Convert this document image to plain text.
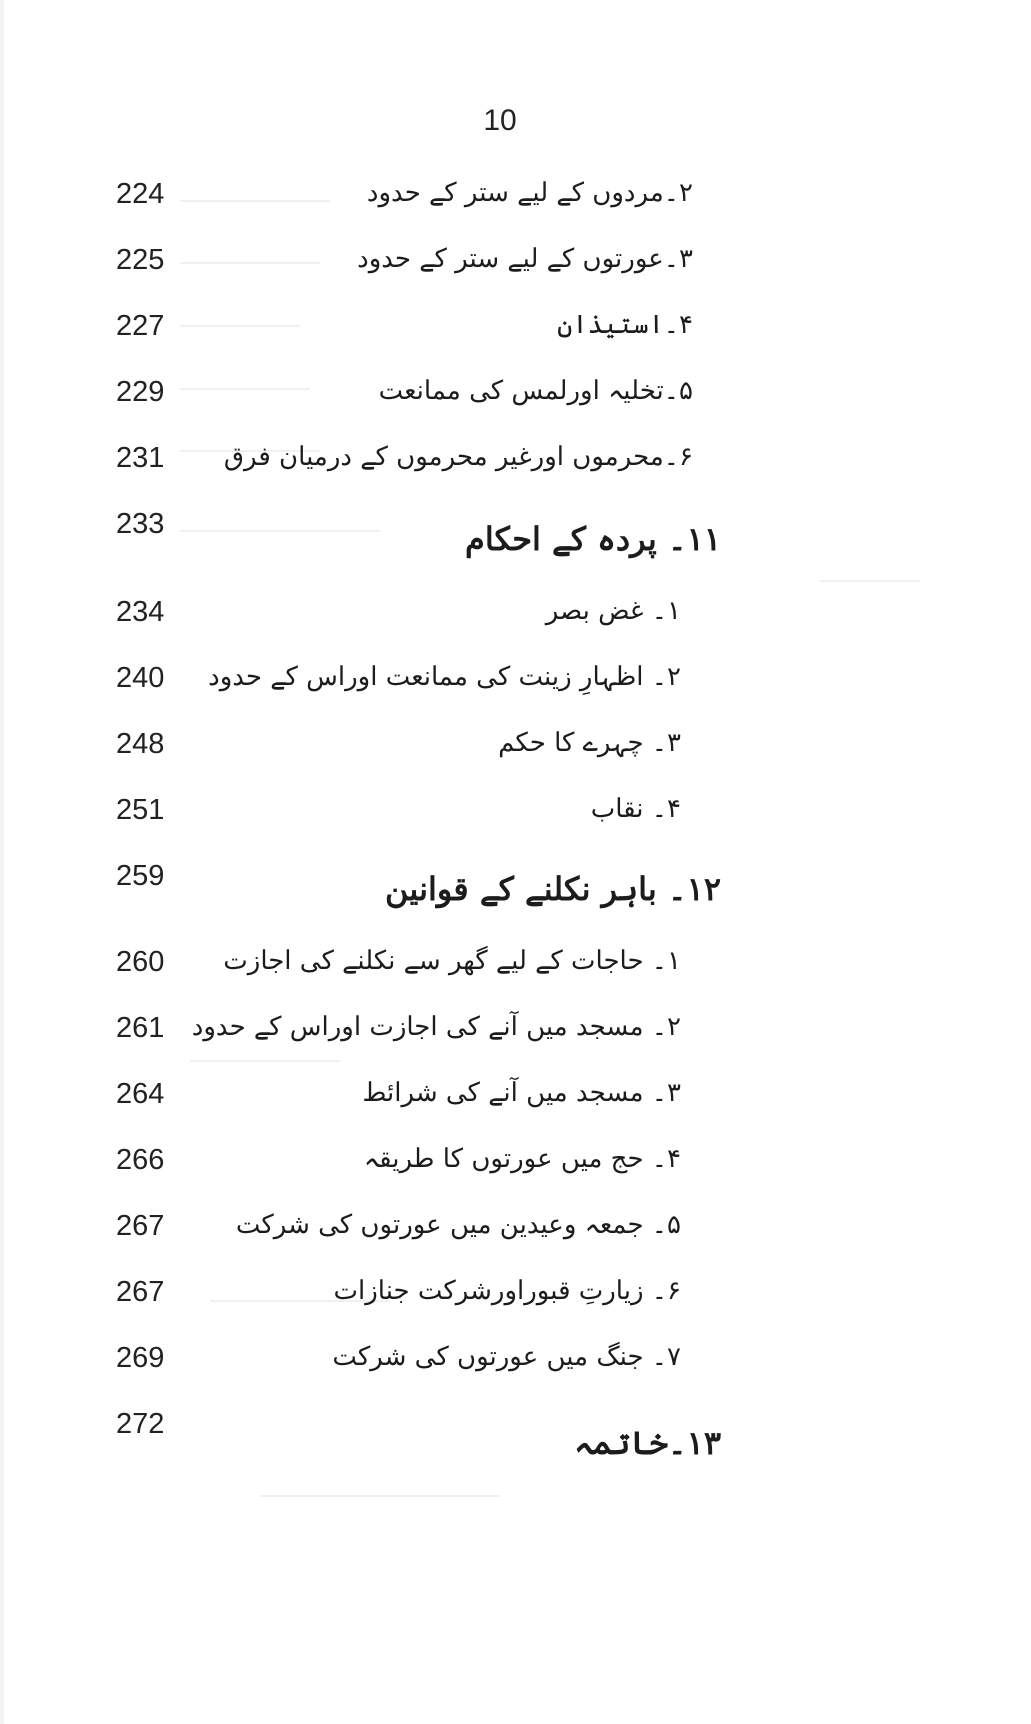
10
224	۲۔مردوں کے لیے ستر کے حدود
225	۳۔عورتوں کے لیے ستر کے حدود
227	۴۔استیذان
229	۵۔تخلیہ اورلمس کی ممانعت
231 ۶۔محرموں اورغیر محرموں کے درمیان فرق
233	۱۱۔ پردہ کے احکام
234	۱۔ غض بصر
240 ۲۔ اظہارِ زینت کی ممانعت اوراس کے حدود
248	۳۔ چہرے کا حکم
251	۴۔ نقاب
259	۱۲۔ باہر نکلنے کے قوانین
260 ۱۔ حاجات کے لیے گھر سے نکلنے کی اجازت
261 ۲۔ مسجد میں آنے کی اجازت اوراس کے حدود
264	۳۔ مسجد میں آنے کی شرائط
266	۴۔ حج میں عورتوں کا طریقہ
267	۵۔ جمعہ وعیدین میں عورتوں کی شرکت
267	۶۔ زیارتِ قبوراورشرکت جنازات
269	۷۔ جنگ میں عورتوں کی شرکت
272	۱۳۔خاتمہ
